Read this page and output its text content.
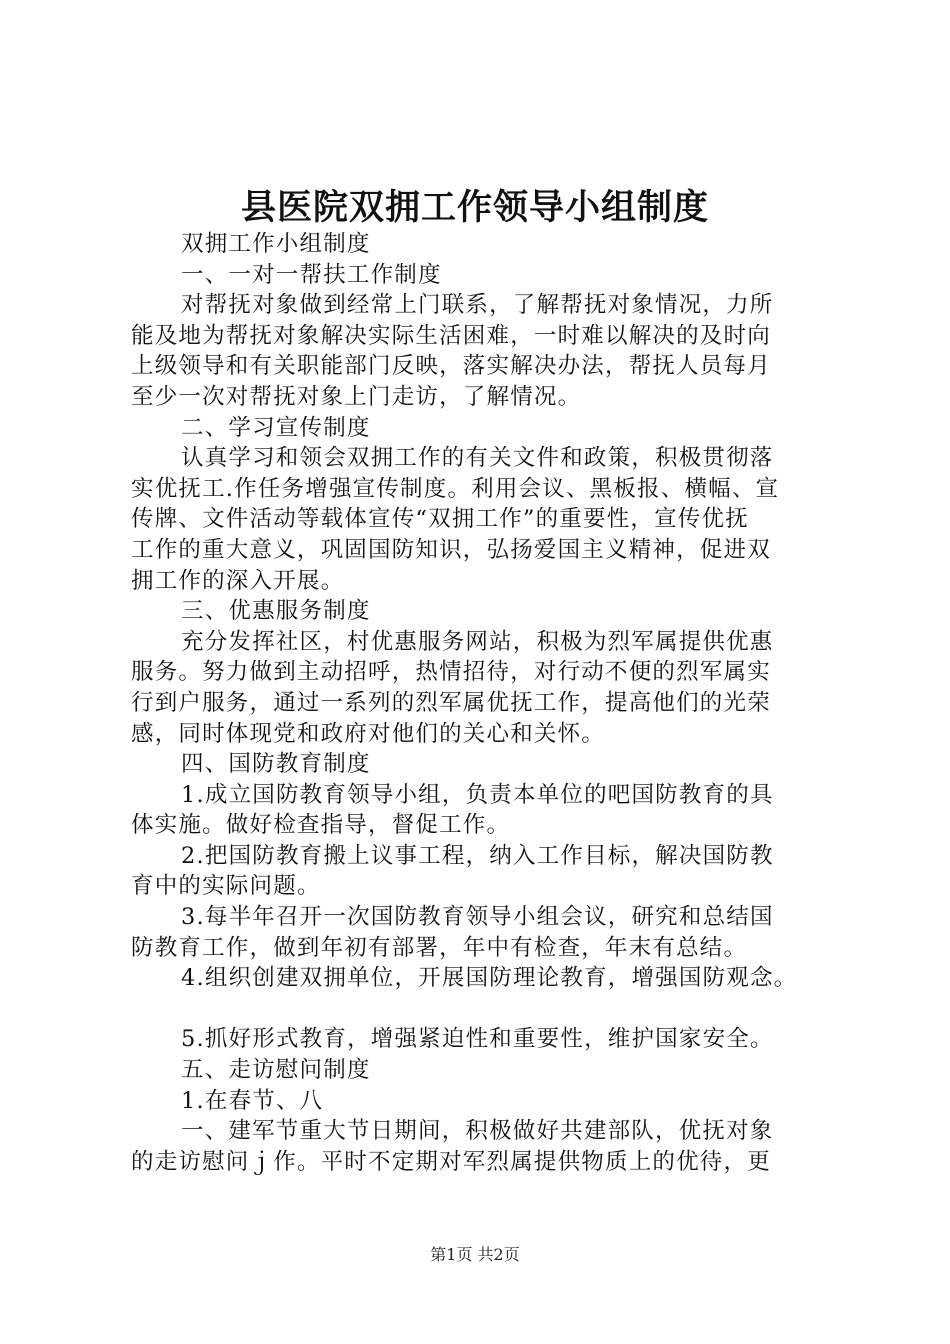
县医院双拥工作领导小组制度
双拥工作小组制度
一、一对一帮扶工作制度
对帮抚对象做到经常上门联系，了解帮抚对象情况，力所
能及地为帮抚对象解决实际生活困难，一时难以解决的及时向
上级领导和有关职能部门反映，落实解决办法，帮抚人员每月
至少一次对帮抚对象上门走访，了解情况。
二、学习宣传制度
认真学习和领会双拥工作的有关文件和政策，积极贯彻落
实优抚工.作任务增强宣传制度。利用会议、黑板报、横幅、宣
传牌、文件活动等载体宣传“双拥工作”的重要性，宣传优抚
工作的重大意义，巩固国防知识，弘扬爱国主义精神，促进双
拥工作的深入开展。
三、优惠服务制度
充分发挥社区，村优惠服务网站，积极为烈军属提供优惠
服务。努力做到主动招呼，热情招待，对行动不便的烈军属实
行到户服务，通过一系列的烈军属优抚工作，提高他们的光荣
感，同时体现党和政府对他们的关心和关怀。
四、国防教育制度
1.成立国防教育领导小组，负责本单位的吧国防教育的具
体实施。做好检查指导，督促工作。
2.把国防教育搬上议事工程，纳入工作目标，解决国防教
育中的实际问题。
3.每半年召开一次国防教育领导小组会议，研究和总结国
防教育工作，做到年初有部署，年中有检查，年末有总结。
4.组织创建双拥单位，开展国防理论教育，增强国防观念。
5.抓好形式教育，增强紧迫性和重要性，维护国家安全。
五、走访慰问制度
1.在春节、八
一、建军节重大节日期间，积极做好共建部队，优抚对象
的走访慰问ｊ作。平时不定期对军烈属提供物质上的优待，更
第1页 共2页
